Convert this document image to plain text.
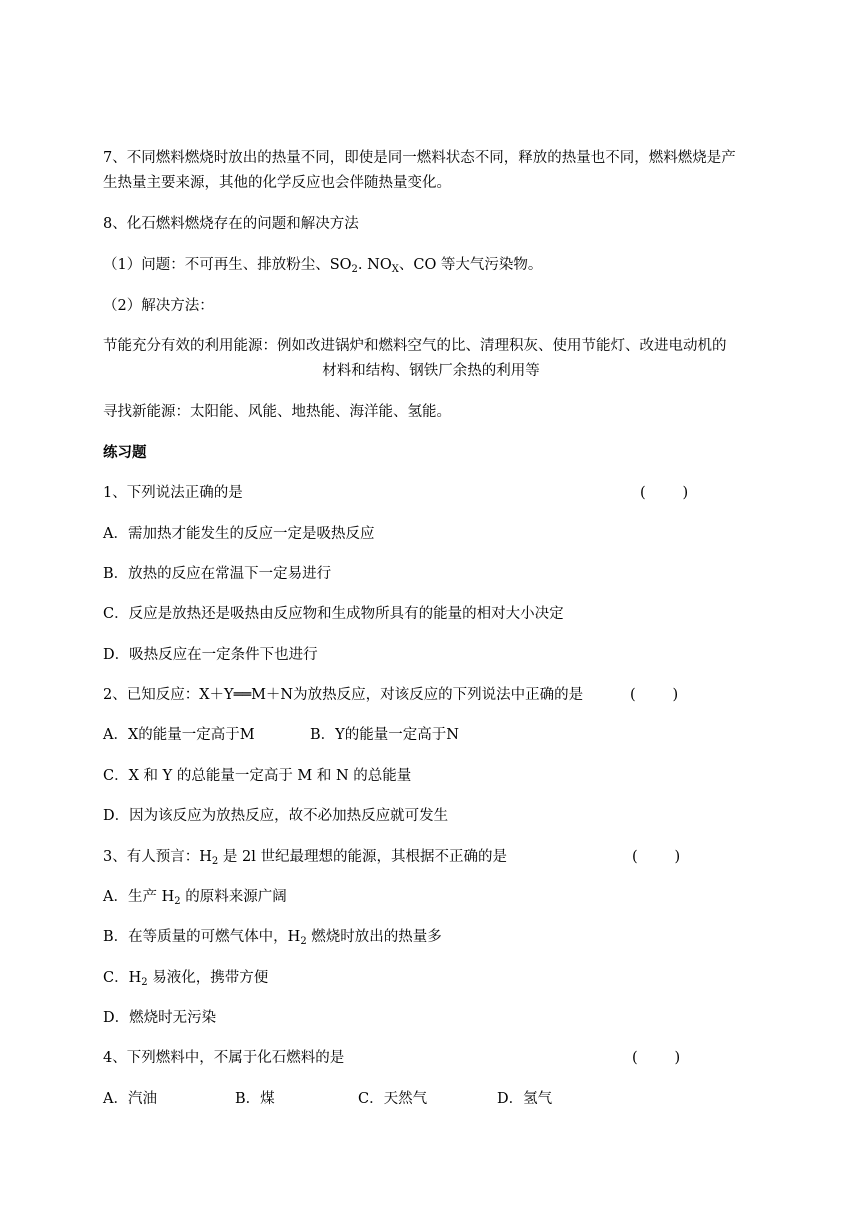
7、不同燃料燃烧时放出的热量不同，即使是同一燃料状态不同，释放的热量也不同，燃料燃烧是产
生热量主要来源，其他的化学反应也会伴随热量变化。
8、化石燃料燃烧存在的问题和解决方法
（1）问题：不可再生、排放粉尘、$SO_2$. $NO_X$、CO 等大气污染物。
（2）解决方法：
节能充分有效的利用能源：例如改进锅炉和燃料空气的比、清理积灰、使用节能灯、改进电动机的
材料和结构、钢铁厂余热的利用等
寻找新能源：太阳能、风能、地热能、海洋能、氢能。
练习题
1、下列说法正确的是	(        )
A．需加热才能发生的反应一定是吸热反应
B．放热的反应在常温下一定易进行
C．反应是放热还是吸热由反应物和生成物所具有的能量的相对大小决定
D．吸热反应在一定条件下也进行
2、已知反应：X＋Y══M＋N为放热反应，对该反应的下列说法中正确的是	(        )
A．X的能量一定高于M	B．Y的能量一定高于N
C．X 和 Y 的总能量一定高于 M 和 N 的总能量
D．因为该反应为放热反应，故不必加热反应就可发生
3、有人预言：$H_2$ 是 2l 世纪最理想的能源，其根据不正确的是	(        )
A．生产 $H_2$ 的原料来源广阔
B．在等质量的可燃气体中，$H_2$ 燃烧时放出的热量多
C．$H_2$ 易液化，携带方便
D．燃烧时无污染
4、下列燃料中，不属于化石燃料的是	(        )
A．汽油	B．煤	C．天然气	D．氢气
